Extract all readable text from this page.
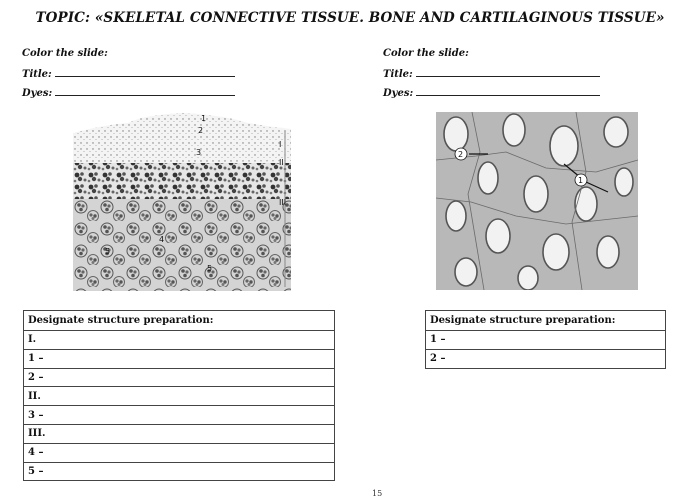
TOPIC: «SKELETAL CONNECTIVE TISSUE. BONE AND CARTILAGINOUS TISSUE»
Color the slide:
Title:
Dyes:
Color the slide:
Title:
Dyes:
1
2
3
I
II
III
4
5
5
2
1
Designate structure preparation:
I.
1 –
2 –
II.
3 –
III.
4 –
5 –
Designate structure preparation:
1 –
2 –
15
